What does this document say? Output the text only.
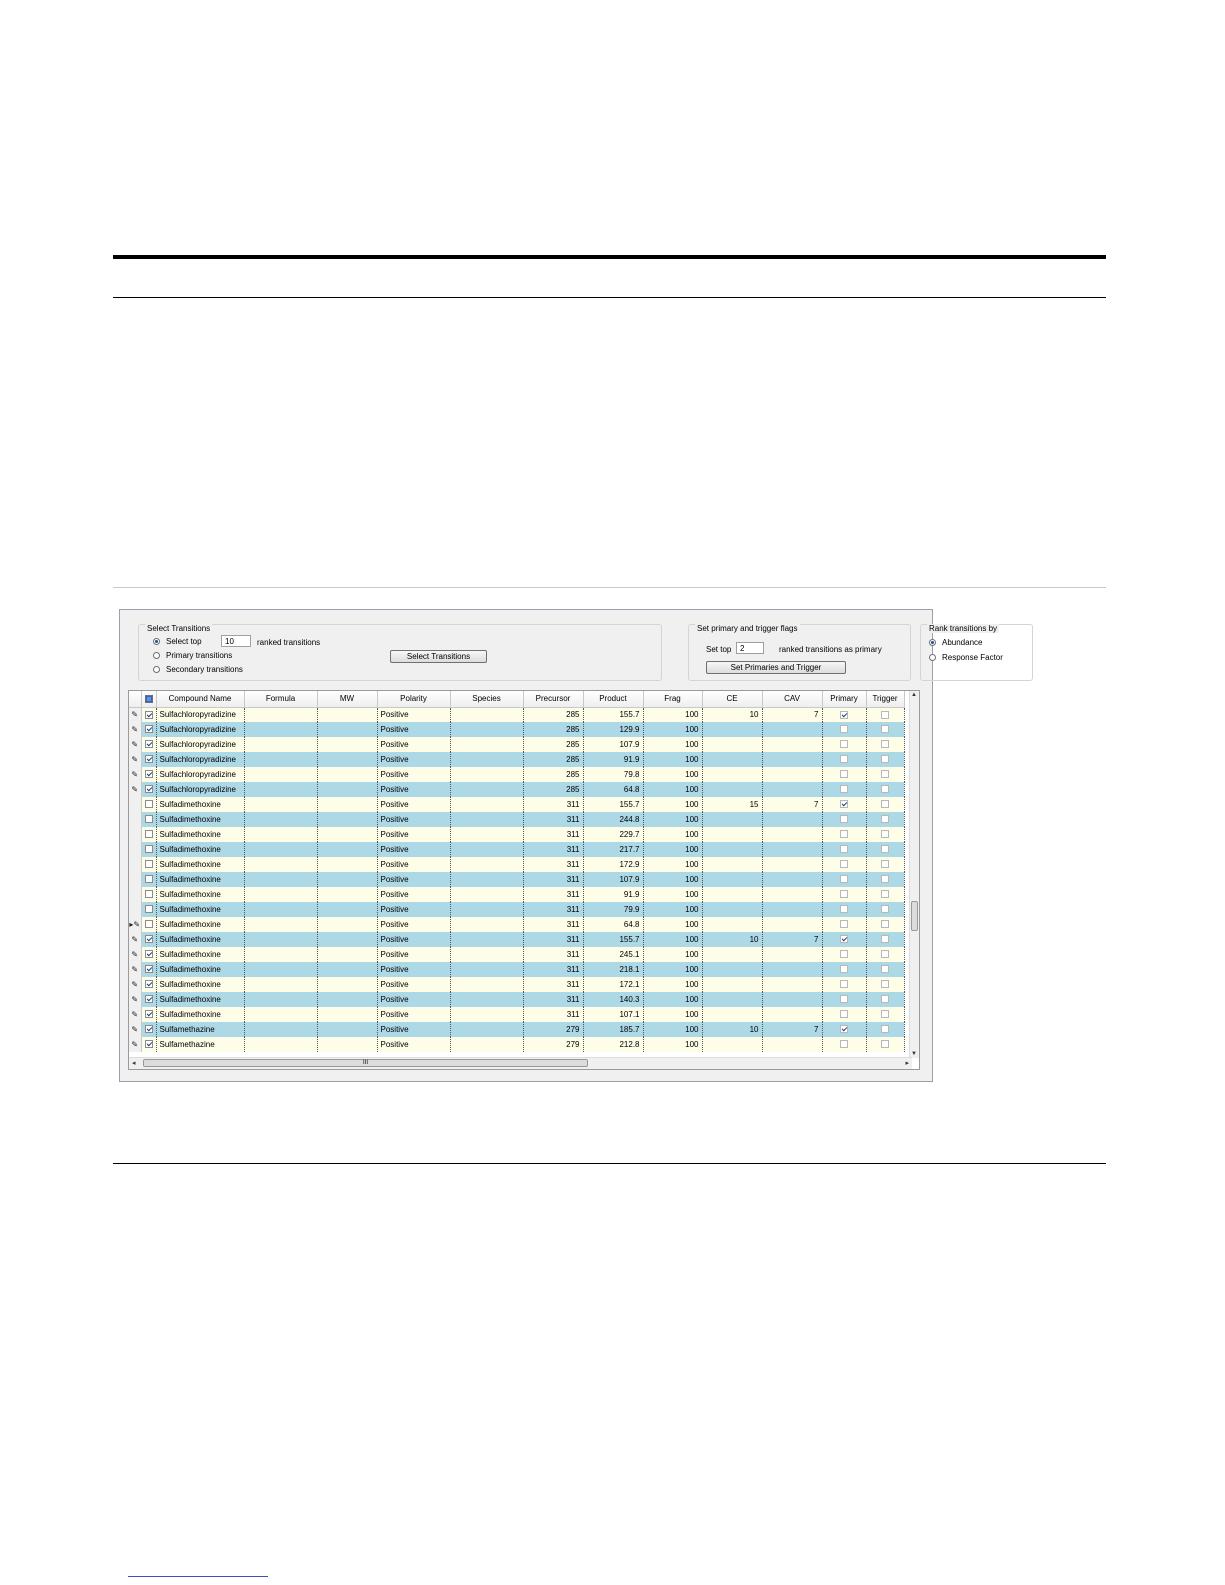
Select Transitions
Select top
10	ranked transitions
Primary transitions
Secondary transitions
Select Transitions
Set primary and trigger flags
Set top
2	ranked transitions as primary
Set Primaries and Trigger
Rank transitions by
Abundance
Response Factor
		Compound Name	Formula	MW	Polarity	Species	Precursor	Product	Frag	CE	CAV	Primary	Trigger
✎		Sulfachloropyradizine			Positive		285	155.7	100	10	7		
✎		Sulfachloropyradizine			Positive		285	129.9	100				
✎		Sulfachloropyradizine			Positive		285	107.9	100				
✎		Sulfachloropyradizine			Positive		285	91.9	100				
✎		Sulfachloropyradizine			Positive		285	79.8	100				
✎		Sulfachloropyradizine			Positive		285	64.8	100				
		Sulfadimethoxine			Positive		311	155.7	100	15	7		
		Sulfadimethoxine			Positive		311	244.8	100				
		Sulfadimethoxine			Positive		311	229.7	100				
		Sulfadimethoxine			Positive		311	217.7	100				
		Sulfadimethoxine			Positive		311	172.9	100				
		Sulfadimethoxine			Positive		311	107.9	100				
		Sulfadimethoxine			Positive		311	91.9	100				
		Sulfadimethoxine			Positive		311	79.9	100				
▸✎		Sulfadimethoxine			Positive		311	64.8	100				
✎		Sulfadimethoxine			Positive		311	155.7	100	10	7		
✎		Sulfadimethoxine			Positive		311	245.1	100				
✎		Sulfadimethoxine			Positive		311	218.1	100				
✎		Sulfadimethoxine			Positive		311	172.1	100				
✎		Sulfadimethoxine			Positive		311	140.3	100				
✎		Sulfadimethoxine			Positive		311	107.1	100				
✎		Sulfamethazine			Positive		279	185.7	100	10	7		
✎		Sulfamethazine			Positive		279	212.8	100				
▲
▼
◂	III	▸
